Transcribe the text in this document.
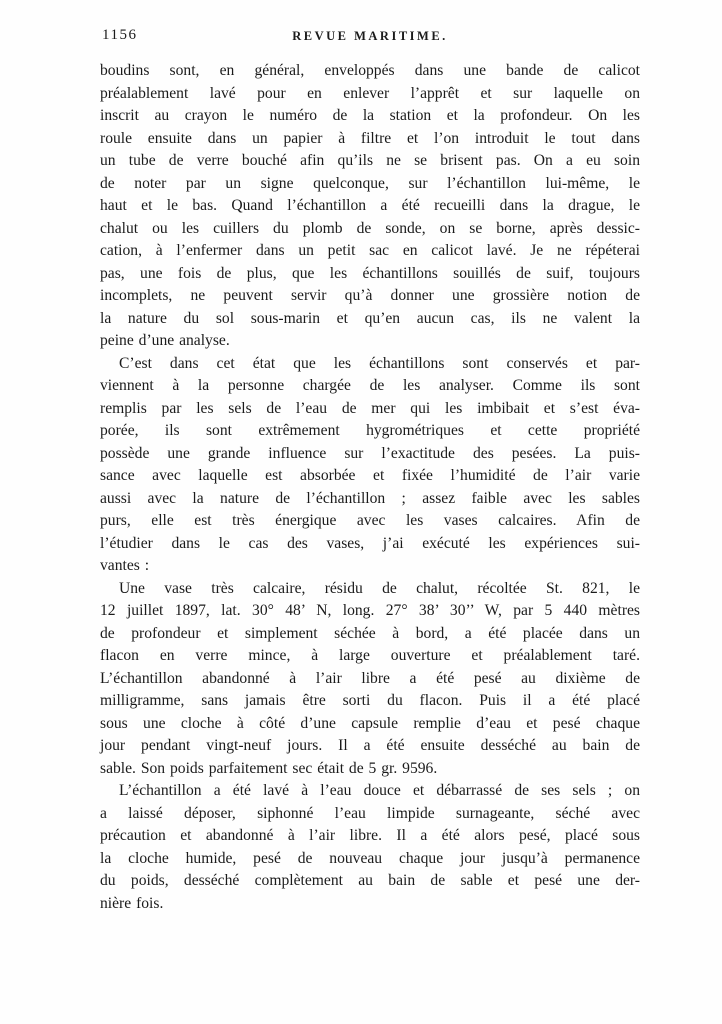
1156	REVUE MARITIME.
boudins sont, en général, enveloppés dans une bande de calicot
préalablement lavé pour en enlever l’apprêt et sur laquelle on
inscrit au crayon le numéro de la station et la profondeur. On les
roule ensuite dans un papier à filtre et l’on introduit le tout dans
un tube de verre bouché afin qu’ils ne se brisent pas. On a eu soin
de noter par un signe quelconque, sur l’échantillon lui-même, le
haut et le bas. Quand l’échantillon a été recueilli dans la drague, le
chalut ou les cuillers du plomb de sonde, on se borne, après dessic-
cation, à l’enfermer dans un petit sac en calicot lavé. Je ne répéterai
pas, une fois de plus, que les échantillons souillés de suif, toujours
incomplets, ne peuvent servir qu’à donner une grossière notion de
la nature du sol sous-marin et qu’en aucun cas, ils ne valent la
peine d’une analyse.
C’est dans cet état que les échantillons sont conservés et par-
viennent à la personne chargée de les analyser. Comme ils sont
remplis par les sels de l’eau de mer qui les imbibait et s’est éva-
porée, ils sont extrêmement hygrométriques et cette propriété
possède une grande influence sur l’exactitude des pesées. La puis-
sance avec laquelle est absorbée et fixée l’humidité de l’air varie
aussi avec la nature de l’échantillon ; assez faible avec les sables
purs, elle est très énergique avec les vases calcaires. Afin de
l’étudier dans le cas des vases, j’ai exécuté les expériences sui-
vantes :
Une vase très calcaire, résidu de chalut, récoltée St. 821, le
12 juillet 1897, lat. 30° 48’ N, long. 27° 38’ 30’’ W, par 5 440 mètres
de profondeur et simplement séchée à bord, a été placée dans un
flacon en verre mince, à large ouverture et préalablement taré.
L’échantillon abandonné à l’air libre a été pesé au dixième de
milligramme, sans jamais être sorti du flacon. Puis il a été placé
sous une cloche à côté d’une capsule remplie d’eau et pesé chaque
jour pendant vingt-neuf jours. Il a été ensuite desséché au bain de
sable. Son poids parfaitement sec était de 5 gr. 9596.
L’échantillon a été lavé à l’eau douce et débarrassé de ses sels ; on
a laissé déposer, siphonné l’eau limpide surnageante, séché avec
précaution et abandonné à l’air libre. Il a été alors pesé, placé sous
la cloche humide, pesé de nouveau chaque jour jusqu’à permanence
du poids, desséché complètement au bain de sable et pesé une der-
nière fois.
